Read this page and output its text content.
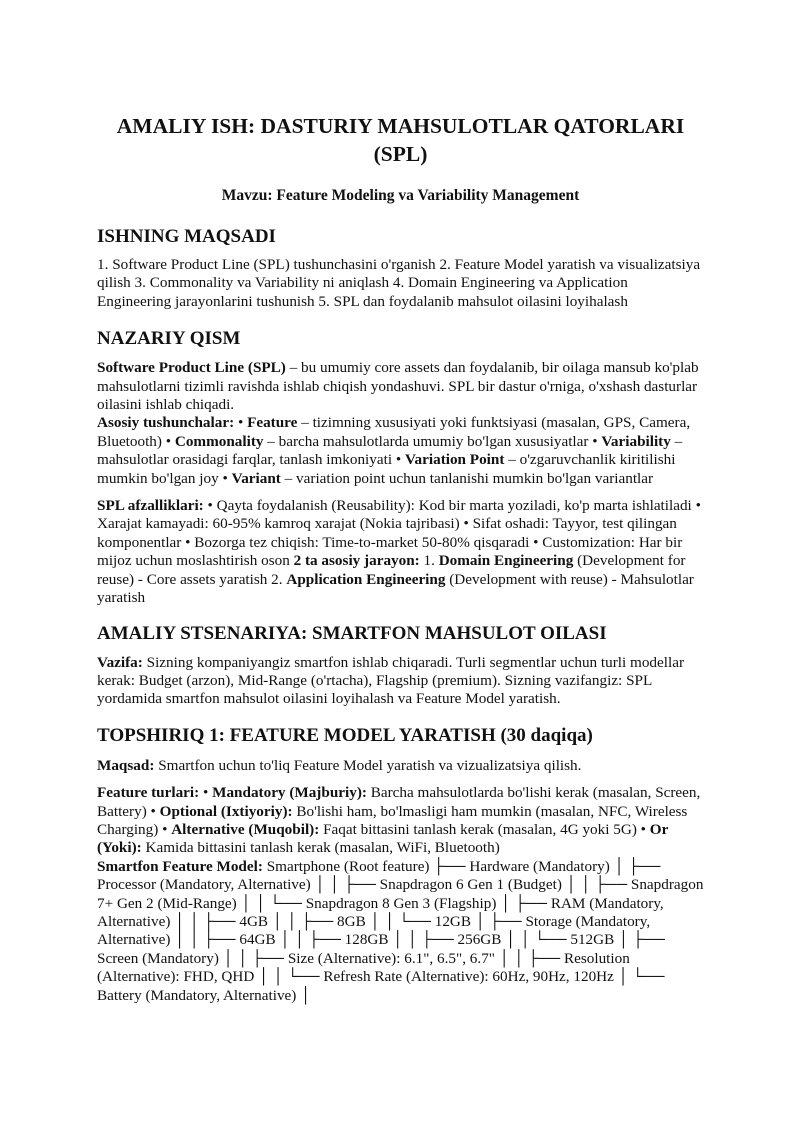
AMALIY ISH: DASTURIY MAHSULOTLAR QATORLARI (SPL)
Mavzu: Feature Modeling va Variability Management
ISHNING MAQSADI

1. Software Product Line (SPL) tushunchasini o'rganish 2. Feature Model yaratish va visualizatsiya qilish 3. Commonality va Variability ni aniqlash 4. Domain Engineering va Application Engineering jarayonlarini tushunish 5. SPL dan foydalanib mahsulot oilasini loyihalash

NAZARIY QISM

Software Product Line (SPL) – bu umumiy core assets dan foydalanib, bir oilaga mansub ko'plab mahsulotlarni tizimli ravishda ishlab chiqish yondashuvi. SPL bir dastur o'rniga, o'xshash dasturlar oilasini ishlab chiqadi.

Asosiy tushunchalar: • Feature – tizimning xususiyati yoki funktsiyasi (masalan, GPS, Camera, Bluetooth) • Commonality – barcha mahsulotlarda umumiy bo'lgan xususiyatlar • Variability – mahsulotlar orasidagi farqlar, tanlash imkoniyati • Variation Point – o'zgaruvchanlik kiritilishi mumkin bo'lgan joy • Variant – variation point uchun tanlanishi mumkin bo'lgan variantlar

SPL afzalliklari: • Qayta foydalanish (Reusability): Kod bir marta yoziladi, ko'p marta ishlatiladi • Xarajat kamayadi: 60-95% kamroq xarajat (Nokia tajribasi) • Sifat oshadi: Tayyor, test qilingan komponentlar • Bozorga tez chiqish: Time-to-market 50-80% qisqaradi • Customization: Har bir mijoz uchun moslashtirish oson 2 ta asosiy jarayon: 1. Domain Engineering (Development for reuse) - Core assets yaratish 2. Application Engineering (Development with reuse) - Mahsulotlar yaratish

AMALIY STSENARIYA: SMARTFON MAHSULOT OILASI

Vazifa: Sizning kompaniyangiz smartfon ishlab chiqaradi. Turli segmentlar uchun turli modellar kerak: Budget (arzon), Mid-Range (o'rtacha), Flagship (premium). Sizning vazifangiz: SPL yordamida smartfon mahsulot oilasini loyihalash va Feature Model yaratish.

TOPSHIRIQ 1: FEATURE MODEL YARATISH (30 daqiqa)

Maqsad: Smartfon uchun to'liq Feature Model yaratish va vizualizatsiya qilish.

Feature turlari: • Mandatory (Majburiy): Barcha mahsulotlarda bo'lishi kerak (masalan, Screen, Battery) • Optional (Ixtiyoriy): Bo'lishi ham, bo'lmasligi ham mumkin (masalan, NFC, Wireless Charging) • Alternative (Muqobil): Faqat bittasini tanlash kerak (masalan, 4G yoki 5G) • Or (Yoki): Kamida bittasini tanlash kerak (masalan, WiFi, Bluetooth)
Smartfon Feature Model: Smartphone (Root feature) ├── Hardware (Mandatory) │ ├── Processor (Mandatory, Alternative) │ │ ├── Snapdragon 6 Gen 1 (Budget) │ │ ├── Snapdragon 7+ Gen 2 (Mid-Range) │ │ └── Snapdragon 8 Gen 3 (Flagship) │ ├── RAM (Mandatory, Alternative) │ │ ├── 4GB │ │ ├── 8GB │ │ └── 12GB │ ├── Storage (Mandatory, Alternative) │ │ ├── 64GB │ │ ├── 128GB │ │ ├── 256GB │ │ └── 512GB │ ├── Screen (Mandatory) │ │ ├── Size (Alternative): 6.1", 6.5", 6.7" │ │ ├── Resolution (Alternative): FHD, QHD │ │ └── Refresh Rate (Alternative): 60Hz, 90Hz, 120Hz │ └── Battery (Mandatory, Alternative) │
